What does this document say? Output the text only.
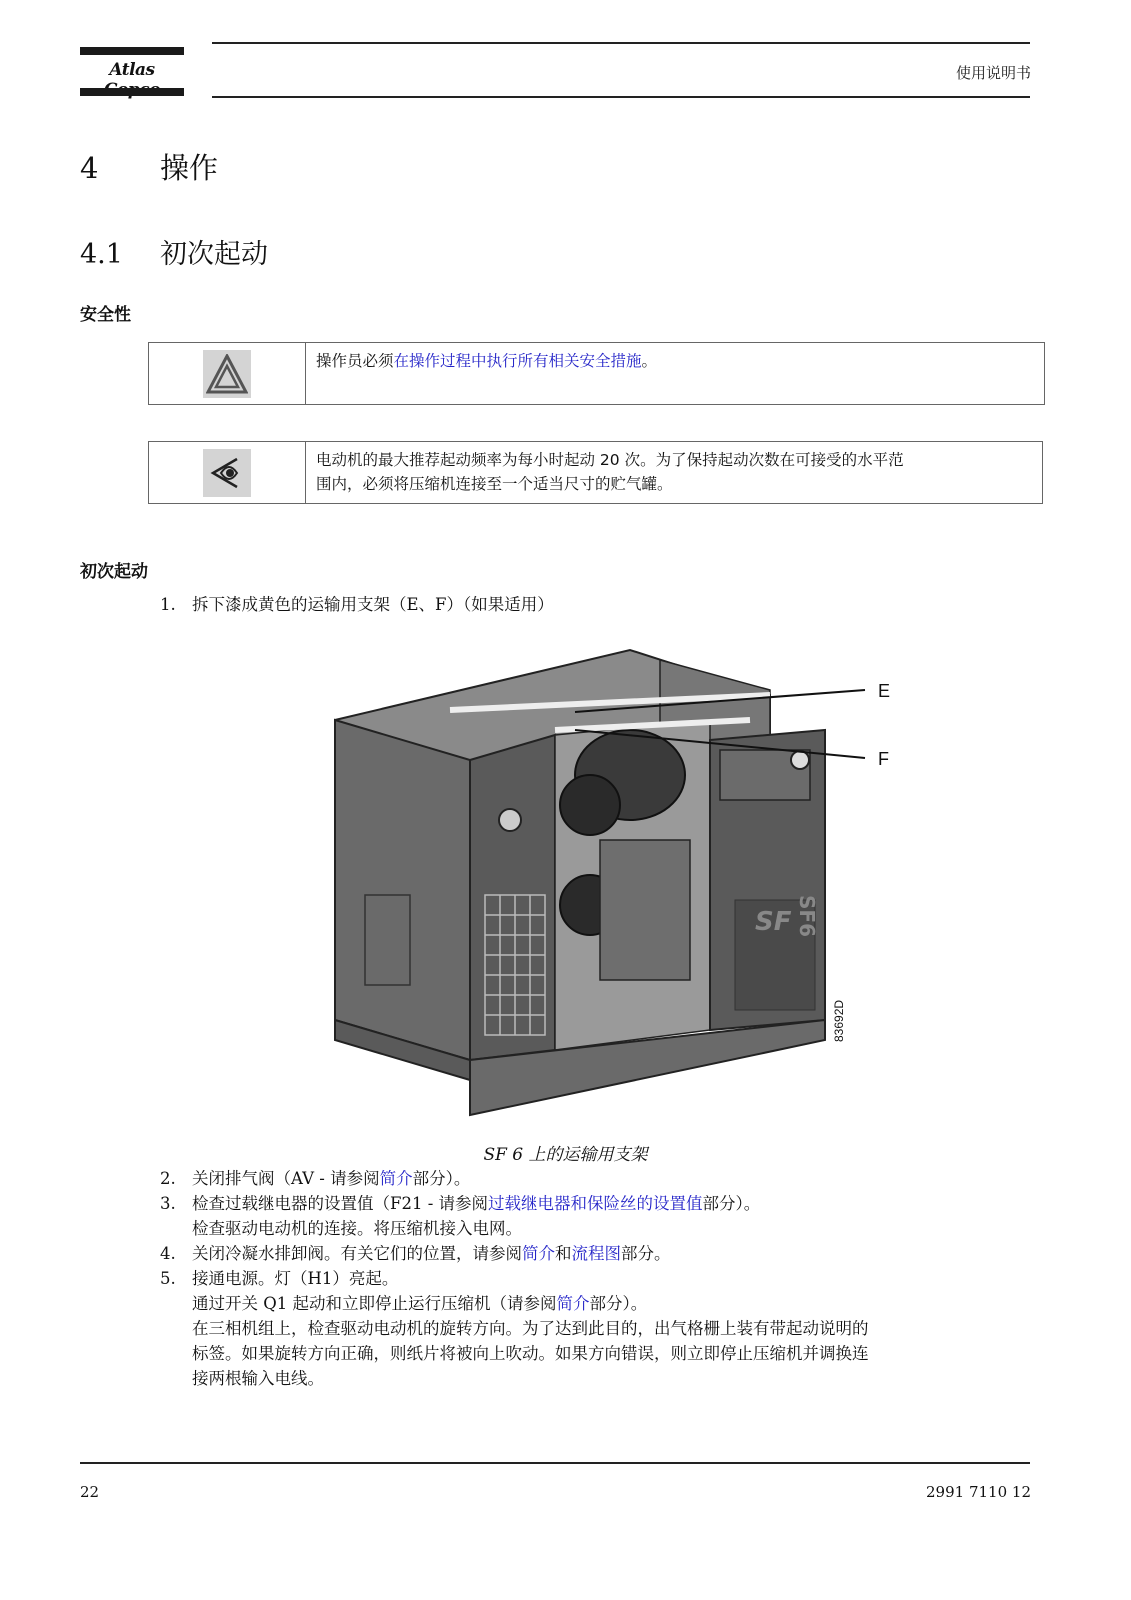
Atlas	使用说明书
4 操作
4.1 初次起动
安全性
操作员必须在操作过程中执行所有相关安全措施。
电动机的最大推荐起动频率为每小时起动 20 次。为了保持起动次数在可接受的水平范
围内，必须将压缩机连接至一个适当尺寸的贮气罐。
初次起动
1. 拆下漆成黄色的运输用支架（E、F）（如果适用）
SF SF6
E
F
83692D
SF 6 上的运输用支架
2. 关闭排气阀（AV - 请参阅简介部分）。
3. 检查过载继电器的设置值（F21 - 请参阅过载继电器和保险丝的设置值部分）。
检查驱动电动机的连接。将压缩机接入电网。
4. 关闭冷凝水排卸阀。有关它们的位置，请参阅简介和流程图部分。
5. 接通电源。灯（H1）亮起。
通过开关 Q1 起动和立即停止运行压缩机（请参阅简介部分）。
在三相机组上，检查驱动电动机的旋转方向。为了达到此目的，出气格栅上装有带起动说明的
标签。如果旋转方向正确，则纸片将被向上吹动。如果方向错误，则立即停止压缩机并调换连
接两根输入电线。
22	2991 7110 12
